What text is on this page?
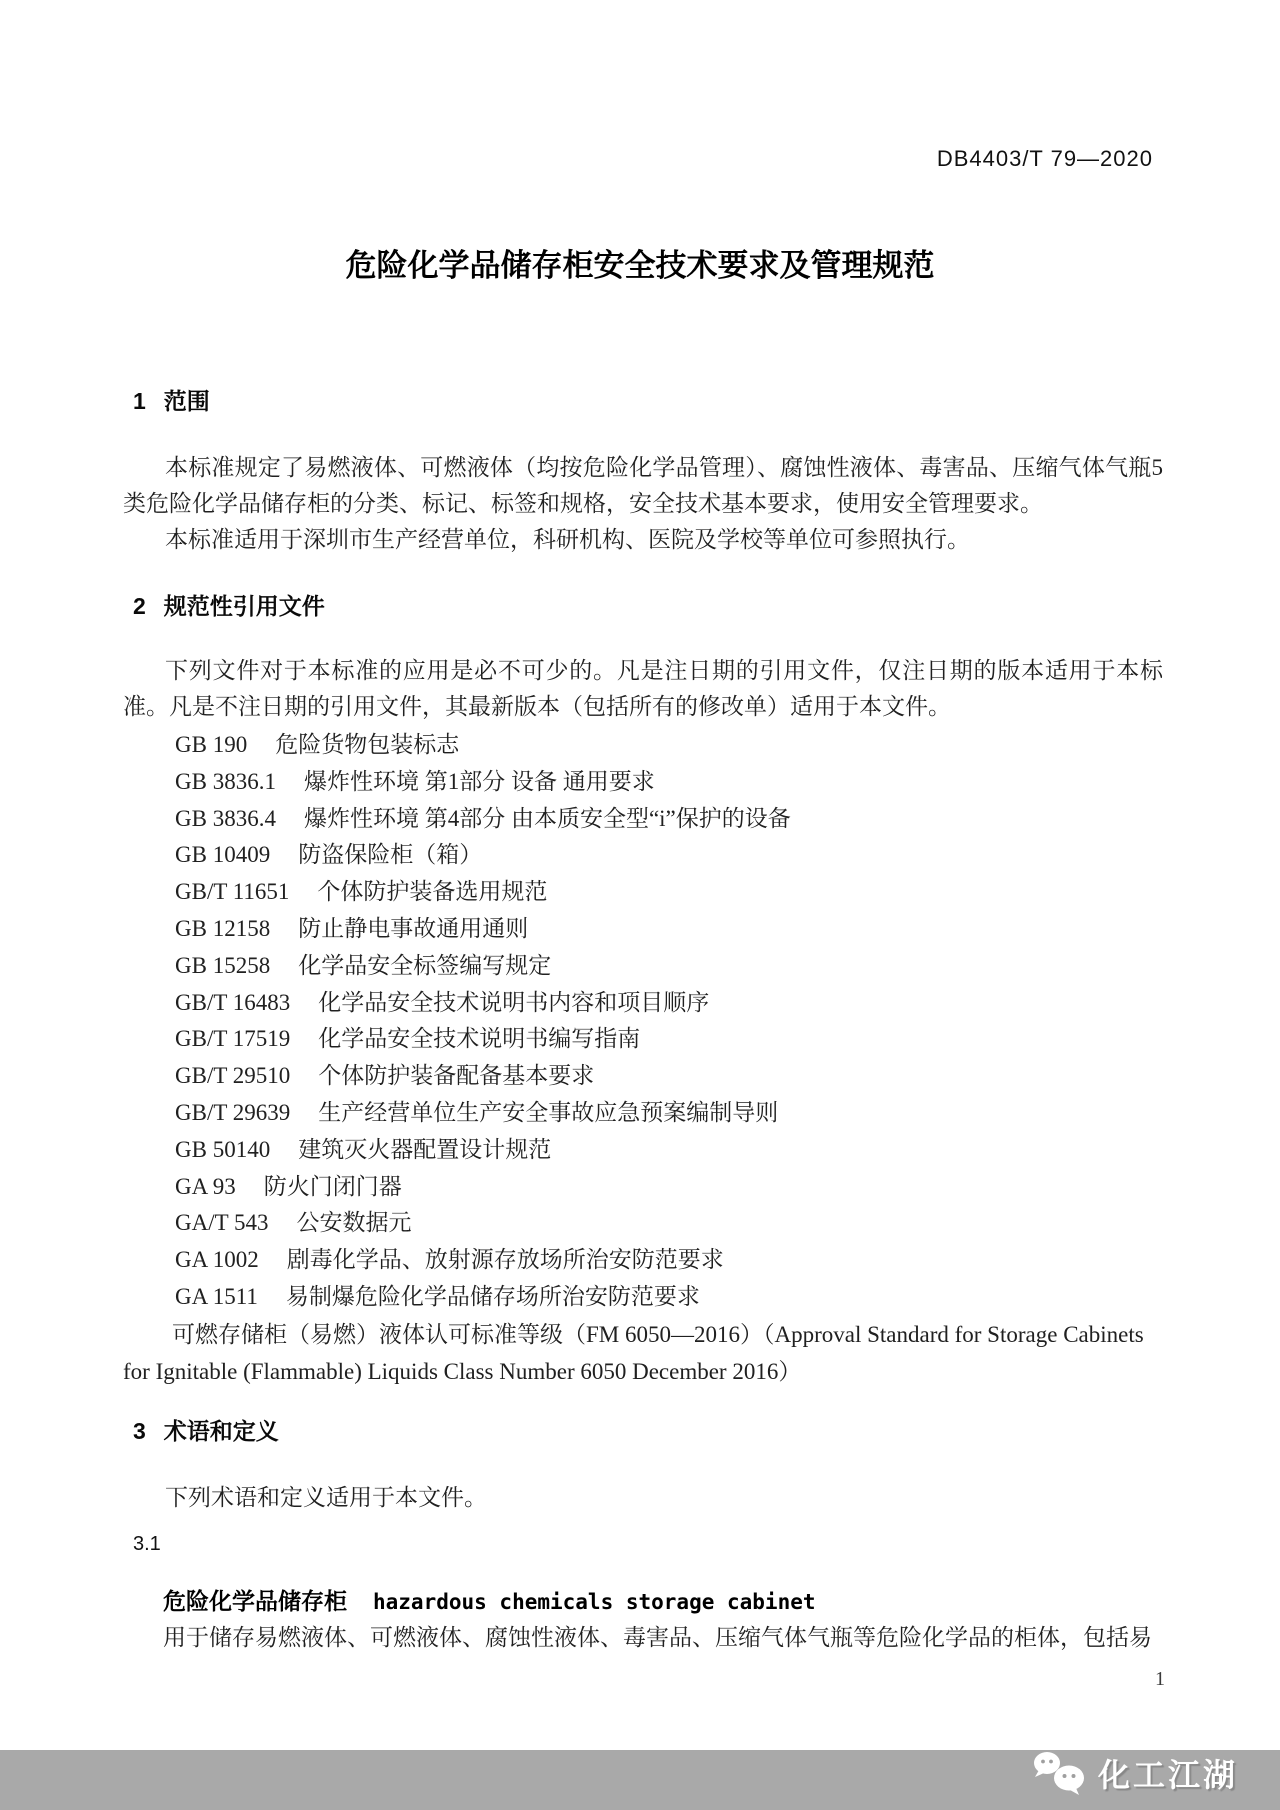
DB4403/T 79—2020
危险化学品储存柜安全技术要求及管理规范
1 范围

本标准规定了易燃液体、可燃液体（均按危险化学品管理）、腐蚀性液体、毒害品、压缩气体气瓶5类危险化学品储存柜的分类、标记、标签和规格，安全技术基本要求，使用安全管理要求。

本标准适用于深圳市生产经营单位，科研机构、医院及学校等单位可参照执行。

2 规范性引用文件

下列文件对于本标准的应用是必不可少的。凡是注日期的引用文件，仅注日期的版本适用于本标准。凡是不注日期的引用文件，其最新版本（包括所有的修改单）适用于本文件。

GB 190 危险货物包装标志
GB 3836.1 爆炸性环境 第1部分 设备 通用要求
GB 3836.4 爆炸性环境 第4部分 由本质安全型“i”保护的设备
GB 10409 防盗保险柜（箱）
GB/T 11651 个体防护装备选用规范
GB 12158 防止静电事故通用通则
GB 15258 化学品安全标签编写规定
GB/T 16483 化学品安全技术说明书内容和项目顺序
GB/T 17519 化学品安全技术说明书编写指南
GB/T 29510 个体防护装备配备基本要求
GB/T 29639 生产经营单位生产安全事故应急预案编制导则
GB 50140 建筑灭火器配置设计规范
GA 93 防火门闭门器
GA/T 543 公安数据元
GA 1002 剧毒化学品、放射源存放场所治安防范要求
GA 1511 易制爆危险化学品储存场所治安防范要求
可燃存储柜（易燃）液体认可标准等级（FM 6050—2016）（Approval Standard for Storage Cabinets
for Ignitable (Flammable) Liquids Class Number 6050 December 2016）
3 术语和定义

下列术语和定义适用于本文件。

3.1
危险化学品储存柜 hazardous chemicals storage cabinet
用于储存易燃液体、可燃液体、腐蚀性液体、毒害品、压缩气体气瓶等危险化学品的柜体，包括易
1
化工江湖
